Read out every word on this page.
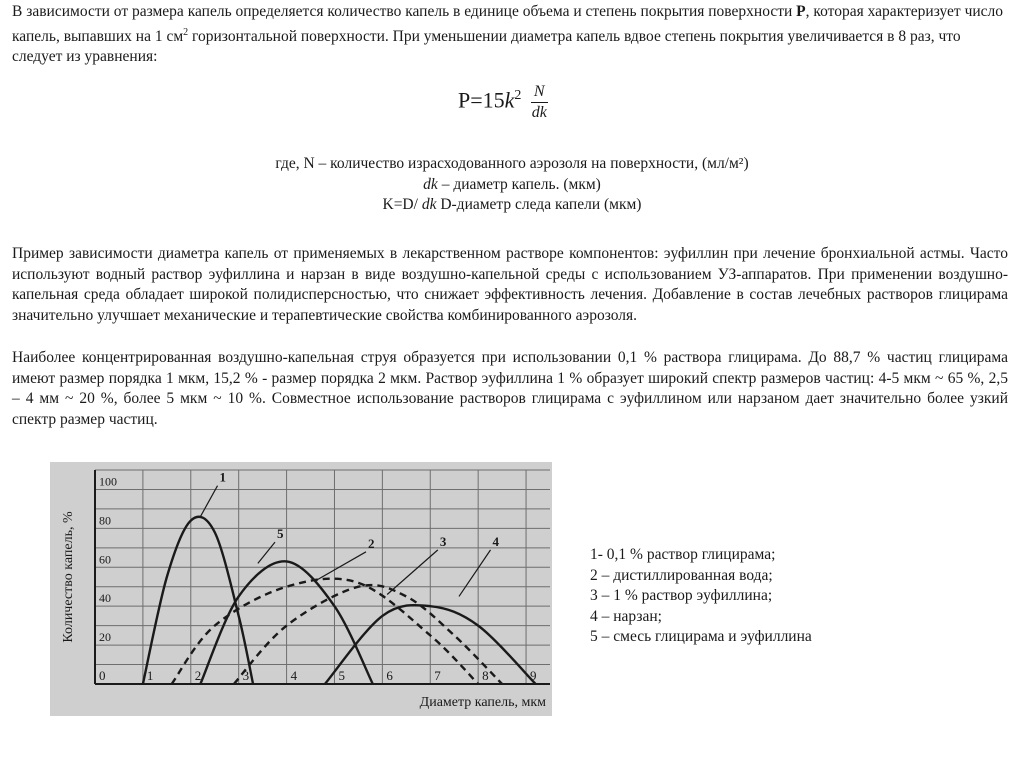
В зависимости от размера капель определяется количество капель в единице объема и степень покрытия поверхности P, которая характеризует число капель, выпавших на 1 $см^2$ горизонтальной поверхности. При уменьшении диаметра капель вдвое степень покрытия увеличивается в 8 раз, что следует из уравнения:

$P=15k^2 \frac{N}{dk}$
где, N – количество израсходованного аэрозоля на поверхности, (мл/м²)
dk – диаметр капель. (мкм)
K=D/ dk D-диаметр следа капели (мкм)

Пример зависимости диаметра капель от применяемых в лекарственном растворе компонентов: эуфиллин при лечение бронхиальной астмы. Часто используют водный раствор эуфиллина и нарзан в виде воздушно-капельной среды с использованием УЗ-аппаратов. При применении воздушно-капельная среда обладает широкой полидисперсностью, что снижает эффективность лечения. Добавление в состав лечебных растворов глицирама значительно улучшает механические и терапевтические свойства комбинированного аэрозоля.

Наиболее концентрированная воздушно-капельная струя образуется при использовании 0,1 % раствора глицирама. До 88,7 % частиц глицирама имеют размер порядка 1 мкм, 15,2 % - размер порядка 2 мкм. Раствор эуфиллина 1 % образует широкий спектр размеров частиц: 4-5 мкм ~ 65 %, 2,5 – 4 мм ~ 20 %, более 5 мкм ~ 10 %. Совместное использование растворов глицирама с эуфиллином или нарзаном дает значительно более узкий спектр размер частиц.

0	1	2	3	4	5	6	7	8	9
20
40
60
80
100
Диаметр капель, мкм
Количество капель, %
1
5
2	3	4
1- 0,1 % раствор глицирама;
2 – дистиллированная вода;
3 – 1 % раствор эуфиллина;
4 – нарзан;
5 – смесь глицирама и эуфиллина
